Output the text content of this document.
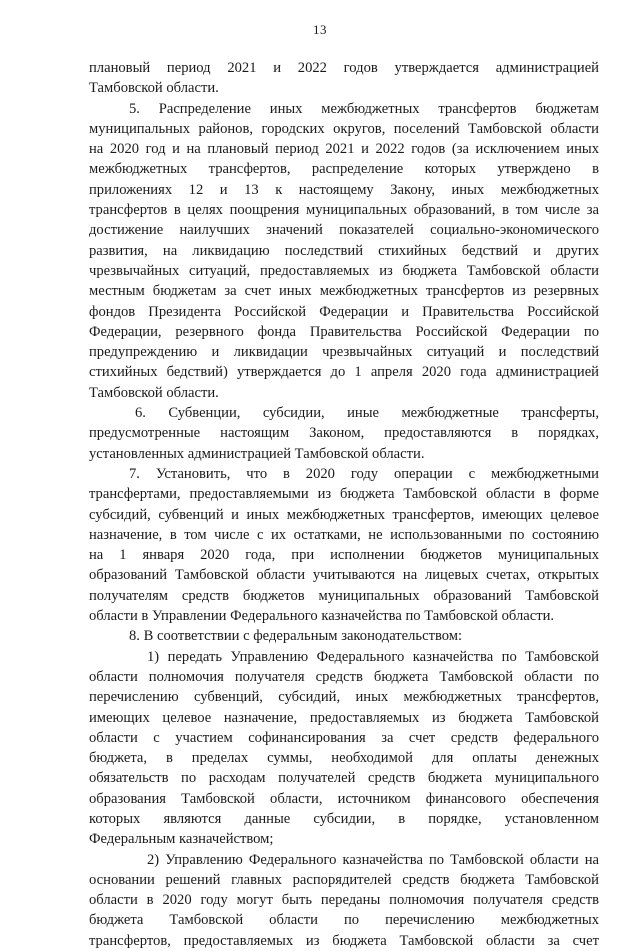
13
плановый период 2021 и 2022 годов утверждается администрацией
Тамбовской области.
5. Распределение иных межбюджетных трансфертов бюджетам
муниципальных районов, городских округов, поселений Тамбовской области
на 2020 год и на плановый период 2021 и 2022 годов (за исключением иных
межбюджетных трансфертов, распределение которых утверждено в
приложениях 12 и 13 к настоящему Закону, иных межбюджетных
трансфертов в целях поощрения муниципальных образований, в том числе за
достижение наилучших значений показателей социально-экономического
развития, на ликвидацию последствий стихийных бедствий и других
чрезвычайных ситуаций, предоставляемых из бюджета Тамбовской области
местным бюджетам за счет иных межбюджетных трансфертов из резервных
фондов Президента Российской Федерации и Правительства Российской
Федерации, резервного фонда Правительства Российской Федерации по
предупреждению и ликвидации чрезвычайных ситуаций и последствий
стихийных бедствий) утверждается до 1 апреля 2020 года администрацией
Тамбовской области.
6. Субвенции, субсидии, иные межбюджетные трансферты,
предусмотренные настоящим Законом, предоставляются в порядках,
установленных администрацией Тамбовской области.
7. Установить, что в 2020 году операции с межбюджетными
трансфертами, предоставляемыми из бюджета Тамбовской области в форме
субсидий, субвенций и иных межбюджетных трансфертов, имеющих целевое
назначение, в том числе с их остатками, не использованными по состоянию
на 1 января 2020 года, при исполнении бюджетов муниципальных
образований Тамбовской области учитываются на лицевых счетах, открытых
получателям средств бюджетов муниципальных образований Тамбовской
области в Управлении Федерального казначейства по Тамбовской области.
8. В соответствии с федеральным законодательством:
1) передать Управлению Федерального казначейства по Тамбовской
области полномочия получателя средств бюджета Тамбовской области по
перечислению субвенций, субсидий, иных межбюджетных трансфертов,
имеющих целевое назначение, предоставляемых из бюджета Тамбовской
области с участием софинансирования за счет средств федерального
бюджета, в пределах суммы, необходимой для оплаты денежных
обязательств по расходам получателей средств бюджета муниципального
образования Тамбовской области, источником финансового обеспечения
которых являются данные субсидии, в порядке, установленном
Федеральным казначейством;
2) Управлению Федерального казначейства по Тамбовской области на
основании решений главных распорядителей средств бюджета Тамбовской
области в 2020 году могут быть переданы полномочия получателя средств
бюджета Тамбовской области по перечислению межбюджетных
трансфертов, предоставляемых из бюджета Тамбовской области за счет
